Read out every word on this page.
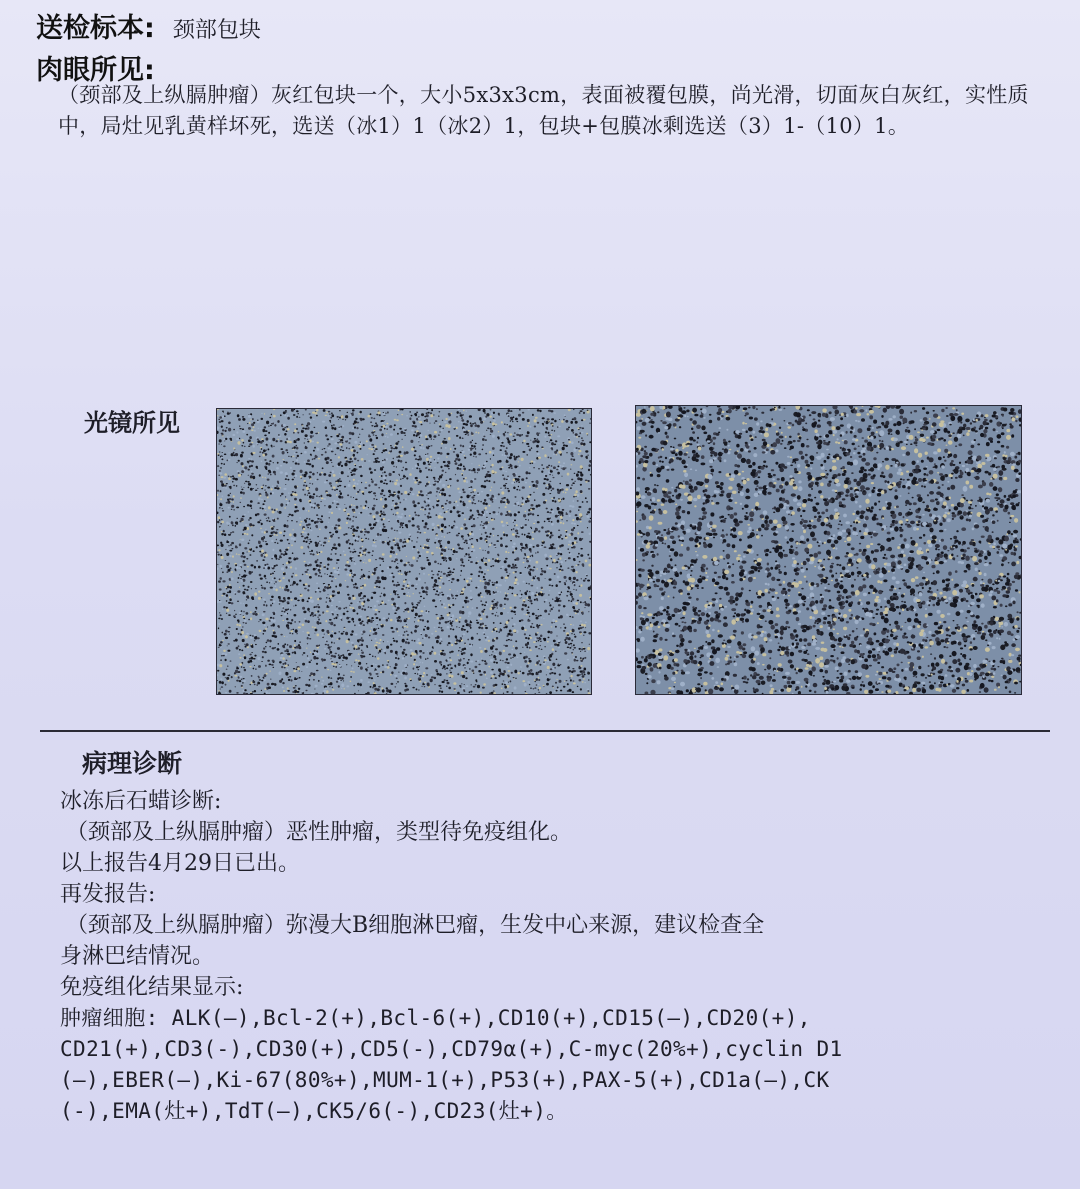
送检标本: 颈部包块
肉眼所见:
（颈部及上纵膈肿瘤）灰红包块一个，大小5x3x3cm，表面被覆包膜，尚光滑，切面灰白灰红，实性质中，局灶见乳黄样坏死，选送（冰1）1（冰2）1，包块+包膜冰剩选送（3）1-（10）1。
光镜所见
病理诊断
冰冻后石蜡诊断:
（颈部及上纵膈肿瘤）恶性肿瘤，类型待免疫组化。
以上报告4月29日已出。
再发报告:
（颈部及上纵膈肿瘤）弥漫大B细胞淋巴瘤，生发中心来源，建议检查全
身淋巴结情况。
免疫组化结果显示:
肿瘤细胞: ALK(—),Bcl-2(+),Bcl-6(+),CD10(+),CD15(—),CD20(+),
CD21(+),CD3(-),CD30(+),CD5(-),CD79α(+),C-myc(20%+),cyclin D1
(—),EBER(—),Ki-67(80%+),MUM-1(+),P53(+),PAX-5(+),CD1a(—),CK
(-),EMA(灶+),TdT(—),CK5/6(-),CD23(灶+)。
